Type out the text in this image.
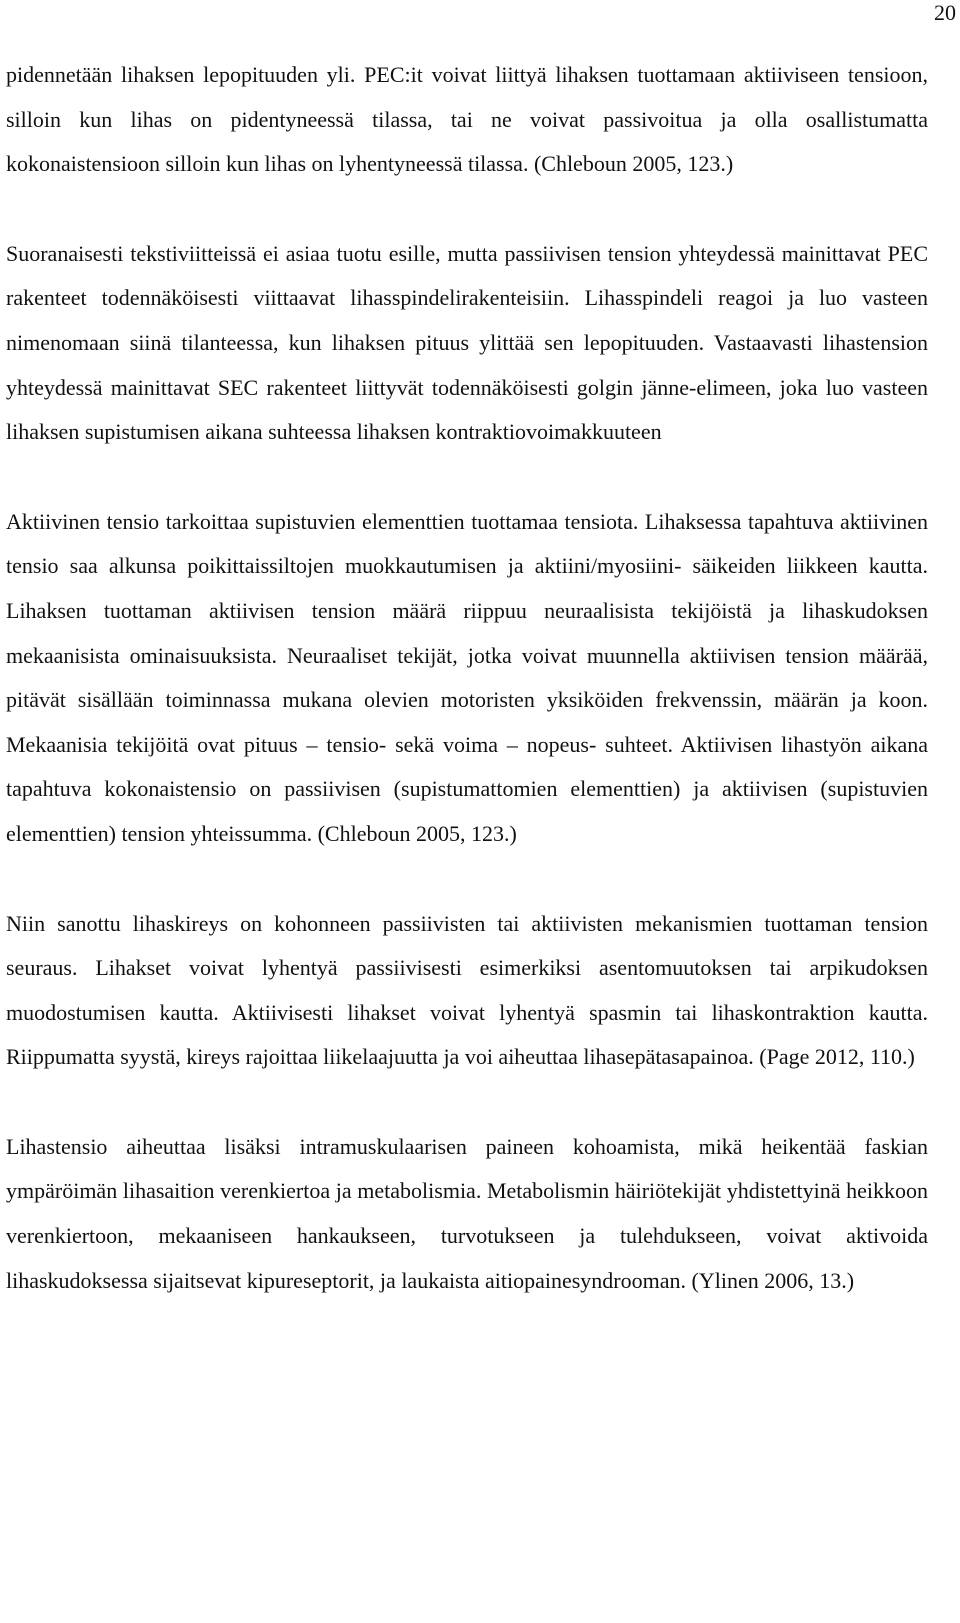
20

pidennetään lihaksen lepopituuden yli. PEC:it voivat liittyä lihaksen tuottamaan aktiiviseen tensioon, silloin kun lihas on pidentyneessä tilassa, tai ne voivat passivoitua ja olla osallistumatta kokonaistensioon silloin kun lihas on lyhentyneessä tilassa. (Chleboun 2005, 123.)

Suoranaisesti tekstiviitteissä ei asiaa tuotu esille, mutta passiivisen tension yhteydessä mainittavat PEC rakenteet todennäköisesti viittaavat lihasspindelirakenteisiin. Lihasspindeli reagoi ja luo vasteen nimenomaan siinä tilanteessa, kun lihaksen pituus ylittää sen lepopituuden. Vastaavasti lihastension yhteydessä mainittavat SEC rakenteet liittyvät todennäköisesti golgin jänne-elimeen, joka luo vasteen lihaksen supistumisen aikana suhteessa lihaksen kontraktiovoimakkuuteen

Aktiivinen tensio tarkoittaa supistuvien elementtien tuottamaa tensiota. Lihaksessa tapahtuva aktiivinen tensio saa alkunsa poikittaissiltojen muokkautumisen ja aktiini/myosiini- säikeiden liikkeen kautta. Lihaksen tuottaman aktiivisen tension määrä riippuu neuraalisista tekijöistä ja lihaskudoksen mekaanisista ominaisuuksista. Neuraaliset tekijät, jotka voivat muunnella aktiivisen tension määrää, pitävät sisällään toiminnassa mukana olevien motoristen yksiköiden frekvenssin, määrän ja koon. Mekaanisia tekijöitä ovat pituus – tensio- sekä voima – nopeus- suhteet. Aktiivisen lihastyön aikana tapahtuva kokonaistensio on passiivisen (supistumattomien elementtien) ja aktiivisen (supistuvien elementtien) tension yhteissumma. (Chleboun 2005, 123.)

Niin sanottu lihaskireys on kohonneen passiivisten tai aktiivisten mekanismien tuottaman tension seuraus. Lihakset voivat lyhentyä passiivisesti esimerkiksi asentomuutoksen tai arpikudoksen muodostumisen kautta. Aktiivisesti lihakset voivat lyhentyä spasmin tai lihaskontraktion kautta. Riippumatta syystä, kireys rajoittaa liikelaajuutta ja voi aiheuttaa lihasepätasapainoa. (Page 2012, 110.)

Lihastensio aiheuttaa lisäksi intramuskulaarisen paineen kohoamista, mikä heikentää faskian ympäröimän lihasaition verenkiertoa ja metabolismia. Metabolismin häiriötekijät yhdistettyinä heikkoon verenkiertoon, mekaaniseen hankaukseen, turvotukseen ja tulehdukseen, voivat aktivoida lihaskudoksessa sijaitsevat kipureseptorit, ja laukaista aitiopainesyndrooman. (Ylinen 2006, 13.)
